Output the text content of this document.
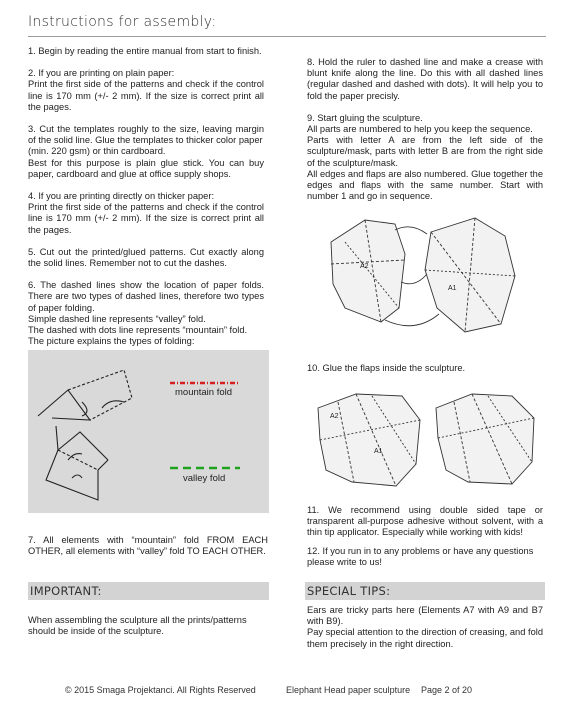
Instructions for assembly:

1. Begin by reading the entire manual from start to finish.

2. If you are printing on plain paper:
Print the first side of the patterns and check if the control line is 170 mm (+/- 2 mm). If the size is correct print all the pages.

3. Cut the templates roughly to the size, leaving margin of the solid line. Glue the templates to thicker color paper
(min. 220 gsm) or thin cardboard.
Best for this purpose is plain glue stick. You can buy paper, cardboard and glue at office supply shops.

4. If you are printing directly on thicker paper:
Print the first side of the patterns and check if the control line is 170 mm (+/- 2 mm). If the size is correct print all the pages.

5. Cut out the printed/glued patterns. Cut exactly along the solid lines. Remember not to cut the dashes.

6. The dashed lines show the location of paper folds. There are two types of dashed lines, therefore two types of paper folding.
Simple dashed line represents “valley” fold.
The dashed with dots line represents “mountain” fold.
The picture explains the types of folding:

mountain fold
valley fold

7. All elements with “mountain” fold FROM EACH OTHER, all elements with “valley” fold TO EACH OTHER.

IMPORTANT:

When assembling the sculpture all the prints/patterns should be inside of the sculpture.

8. Hold the ruler to dashed line and make a crease with blunt knife along the line. Do this with all dashed lines (regular dashed and dashed with dots). It will help you to fold the paper precisly.

9. Start gluing the sculpture.
All parts are numbered to help you keep the sequence.
Parts with letter A are from the left side of the sculpture/mask, parts with letter B are from the right side of the sculpture/mask.
All edges and flaps are also numbered. Glue together the edges and flaps with the same number. Start with number 1 and go in sequence.

A2
A1

10. Glue the flaps inside the sculpture.

A2
A1

11. We recommend using double sided tape or transparent all-purpose adhesive without solvent, with a thin tip applicator. Especially while working with kids!

12. If you run in to any problems or have any questions please write to us!

SPECIAL TIPS:

Ears are tricky parts here (Elements A7 with A9 and B7 with B9).
Pay special attention to the direction of creasing, and fold them precisely in the right direction.

© 2015 Smaga Projektanci. All Rights Reserved	Elephant Head paper sculpture Page 2 of 20
